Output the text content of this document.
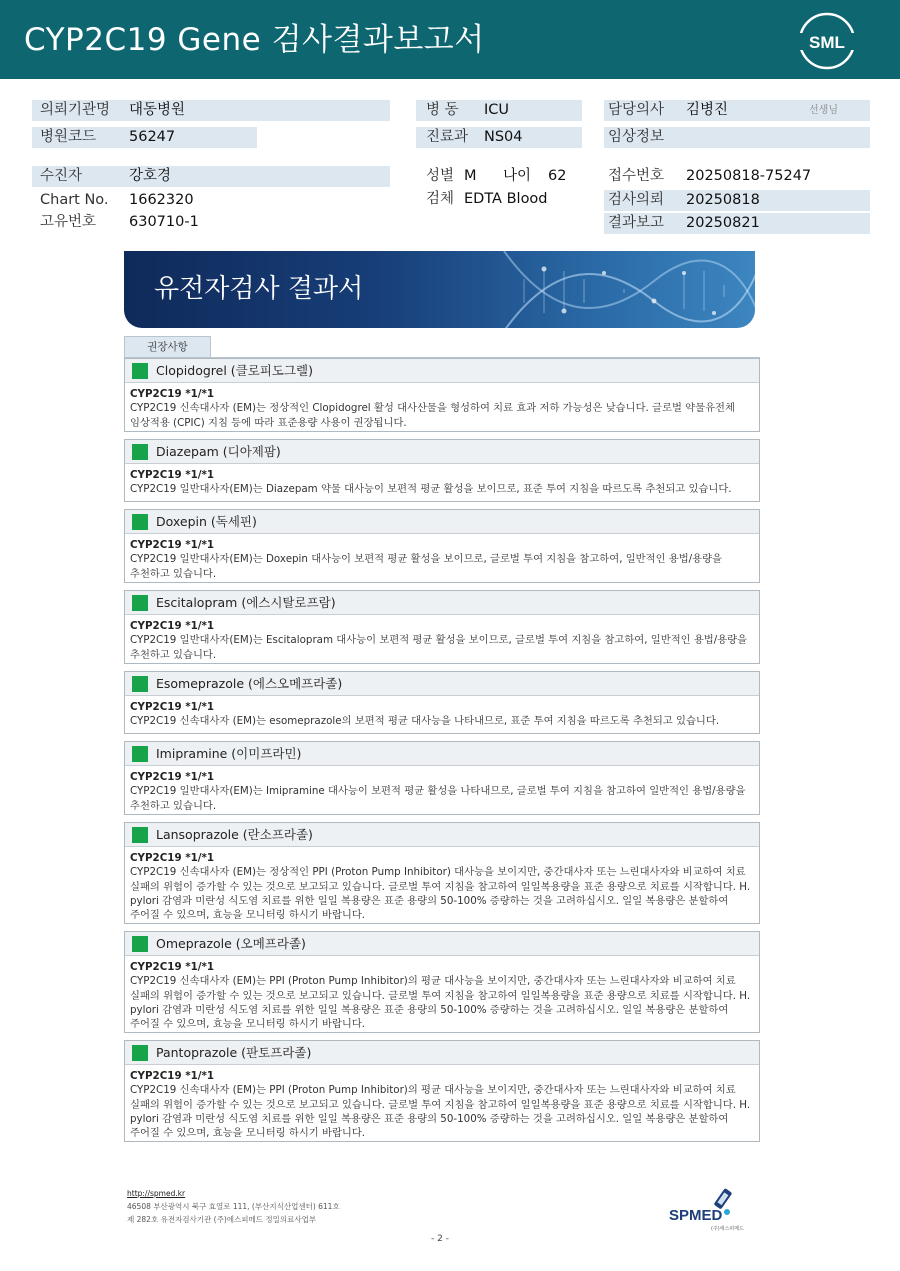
CYP2C19 Gene 검사결과보고서	SML
의뢰기관명 대동병원
병원코드 56247
병 동 ICU
진료과 NS04
담당의사 김병진	선생님
임상정보
수진자	강호경
Chart No. 1662320
고유번호 630710-1
성별 M 나이 62
검체 EDTA Blood
접수번호 20250818-75247
검사의뢰 20250818
결과보고 20250821
유전자검사 결과서
권장사항
Clopidogrel (클로피도그렐)
CYP2C19 *1/*1
CYP2C19 신속대사자 (EM)는 정상적인 Clopidogrel 활성 대사산물을 형성하여 치료 효과 저하 가능성은 낮습니다. 글로벌 약물유전체
임상적용 (CPIC) 지침 등에 따라 표준용량 사용이 권장됩니다.
Diazepam (디아제팜)
CYP2C19 *1/*1
CYP2C19 일반대사자(EM)는 Diazepam 약물 대사능이 보편적 평균 활성을 보이므로, 표준 투여 지침을 따르도록 추천되고 있습니다.
Doxepin (독세핀)
CYP2C19 *1/*1
CYP2C19 일반대사자(EM)는 Doxepin 대사능이 보편적 평균 활성을 보이므로, 글로벌 투여 지침을 참고하여, 일반적인 용법/용량을
추천하고 있습니다.
Escitalopram (에스시탈로프람)
CYP2C19 *1/*1
CYP2C19 일반대사자(EM)는 Escitalopram 대사능이 보편적 평균 활성을 보이므로, 글로벌 투여 지침을 참고하여, 일반적인 용법/용량을
추천하고 있습니다.
Esomeprazole (에스오메프라졸)
CYP2C19 *1/*1
CYP2C19 신속대사자 (EM)는 esomeprazole의 보편적 평균 대사능을 나타내므로, 표준 투여 지침을 따르도록 추천되고 있습니다.
Imipramine (이미프라민)
CYP2C19 *1/*1
CYP2C19 일반대사자(EM)는 Imipramine 대사능이 보편적 평균 활성을 나타내므로, 글로벌 투여 지침을 참고하여 일반적인 용법/용량을
추천하고 있습니다.
Lansoprazole (란소프라졸)
CYP2C19 *1/*1
CYP2C19 신속대사자 (EM)는 정상적인 PPI (Proton Pump Inhibitor) 대사능을 보이지만, 중간대사자 또는 느린대사자와 비교하여 치료
실패의 위험이 증가할 수 있는 것으로 보고되고 있습니다. 글로벌 투여 지침을 참고하여 일일복용량을 표준 용량으로 치료를 시작합니다. H.
pylori 감염과 미란성 식도염 치료를 위한 일일 복용량은 표준 용량의 50-100% 증량하는 것을 고려하십시오. 일일 복용량은 분할하여
주어질 수 있으며, 효능을 모니터링 하시기 바랍니다.
Omeprazole (오메프라졸)
CYP2C19 *1/*1
CYP2C19 신속대사자 (EM)는 PPI (Proton Pump Inhibitor)의 평균 대사능을 보이지만, 중간대사자 또는 느린대사자와 비교하여 치료
실패의 위험이 증가할 수 있는 것으로 보고되고 있습니다. 글로벌 투여 지침을 참고하여 일일복용량을 표준 용량으로 치료를 시작합니다. H.
pylori 감염과 미란성 식도염 치료를 위한 일일 복용량은 표준 용량의 50-100% 증량하는 것을 고려하십시오. 일일 복용량은 분할하여
주어질 수 있으며, 효능을 모니터링 하시기 바랍니다.
Pantoprazole (판토프라졸)
CYP2C19 *1/*1
CYP2C19 신속대사자 (EM)는 PPI (Proton Pump Inhibitor)의 평균 대사능을 보이지만, 중간대사자 또는 느린대사자와 비교하여 치료
실패의 위험이 증가할 수 있는 것으로 보고되고 있습니다. 글로벌 투여 지침을 참고하여 일일복용량을 표준 용량으로 치료를 시작합니다. H.
pylori 감염과 미란성 식도염 치료를 위한 일일 복용량은 표준 용량의 50-100% 증량하는 것을 고려하십시오. 일일 복용량은 분할하여
주어질 수 있으며, 효능을 모니터링 하시기 바랍니다.
http://spmed.kr
46508 부산광역시 북구 효열로 111, (부산지식산업센터) 611호
제 282호 유전자검사기관 (주)에스피메드 정밀의료사업부	SPMED
(주)에스피메드
- 2 -
